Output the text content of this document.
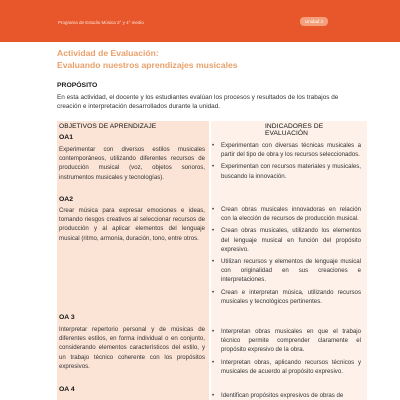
Programa de Estudio Música 3° y 4° medio	Unidad 4
Actividad de Evaluación:
Evaluando nuestros aprendizajes musicales
PROPÓSITO
En esta actividad, el docente y los estudiantes evalúan los procesos y resultados de los trabajos de creación e interpretación desarrollados durante la unidad.
OBJETIVOS DE APRENDIZAJE	INDICADORES DE EVALUACIÓN
OA1
Experimentar con diversos estilos musicales contemporáneos, utilizando diferentes recursos de producción musical (voz, objetos sonoros, instrumentos musicales y tecnologías).
• Experimentan con diversas técnicas musicales a partir del tipo de obra y los recursos seleccionados.
• Experimentan con recursos materiales y musicales, buscando la innovación.
OA2
Crear música para expresar emociones e ideas, tomando riesgos creativos al seleccionar recursos de producción y al aplicar elementos del lenguaje musical (ritmo, armonía, duración, tono, entre otros.
• Crean obras musicales innovadoras en relación con la elección de recursos de producción musical.
• Crean obras musicales, utilizando los elementos del lenguaje musical en función del propósito expresivo.
• Utilizan recursos y elementos de lenguaje musical con originalidad en sus creaciones e interpretaciones.
• Crean e interpretan música, utilizando recursos musicales y tecnológicos pertinentes.
OA 3
Interpretar repertorio personal y de músicas de diferentes estilos, en forma individual o en conjunto, considerando elementos característicos del estilo, y un trabajo técnico coherente con los propósitos expresivos.
• Interpretan obras musicales en que el trabajo técnico permite comprender claramente el propósito expresivo de la obra.
• Interpretan obras, aplicando recursos técnicos y musicales de acuerdo al propósito expresivo.
OA 4
• Identifican propósitos expresivos de obras de
